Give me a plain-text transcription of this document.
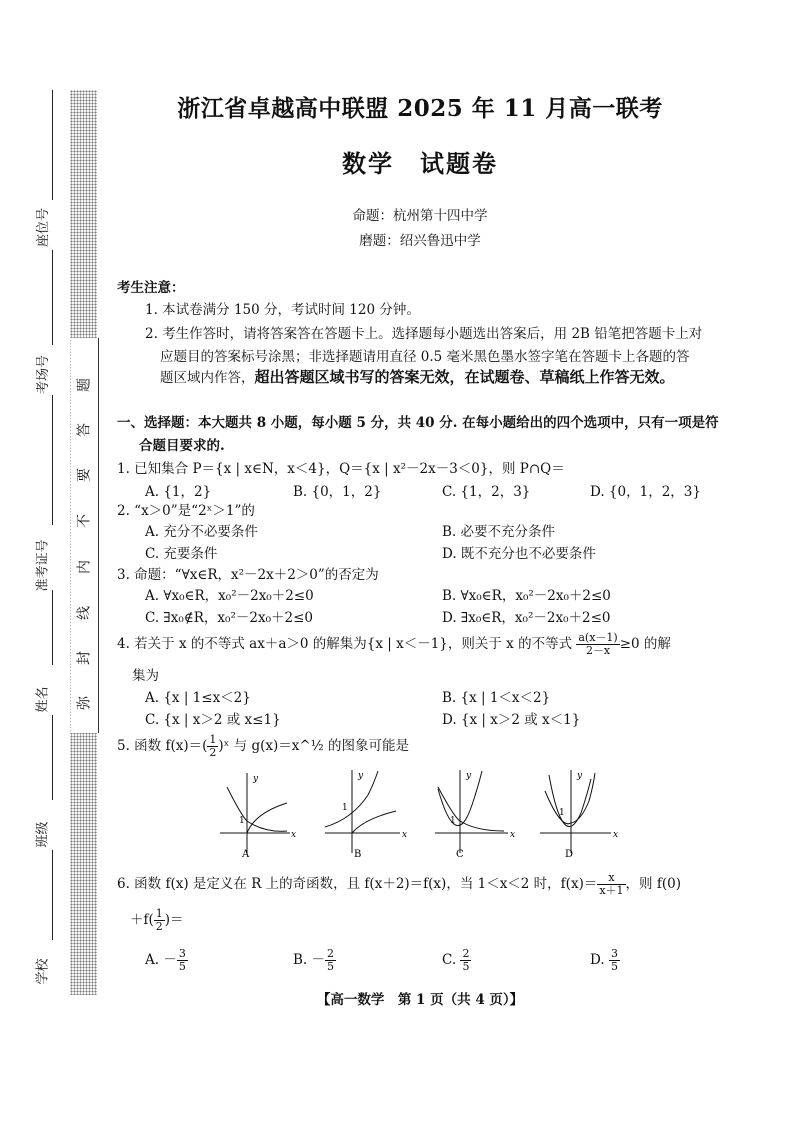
题
答
要
不
内
线
封
弥
座位号
考场号
准考证号
姓名
班级
学校
浙江省卓越高中联盟 2025 年 11 月高一联考
数学　试题卷
命题：杭州第十四中学
磨题：绍兴鲁迅中学
考生注意：
1. 本试卷满分 150 分，考试时间 120 分钟。
2. 考生作答时，请将答案答在答题卡上。选择题每小题选出答案后，用 2B 铅笔把答题卡上对
应题目的答案标号涂黑；非选择题请用直径 0.5 毫米黑色墨水签字笔在答题卡上各题的答
题区域内作答，超出答题区域书写的答案无效，在试题卷、草稿纸上作答无效。
一、选择题：本大题共 8 小题，每小题 5 分，共 40 分. 在每小题给出的四个选项中，只有一项是符
合题目要求的.
1. 已知集合 P＝{x | x∈N，x＜4}，Q＝{x | x²－2x－3＜0}，则 P∩Q＝
A. {1，2}	B. {0，1，2}	C. {1，2，3}	D. {0，1，2，3}
2. “x＞0”是“2ˣ＞1”的
A. 充分不必要条件	B. 必要不充分条件
C. 充要条件	D. 既不充分也不必要条件
3. 命题：“∀x∈R，x²－2x＋2＞0”的否定为
A. ∀x₀∈R，x₀²－2x₀＋2≤0	B. ∀x₀∈R，x₀²－2x₀＋2≤0
C. ∃x₀∉R，x₀²－2x₀＋2≤0	D. ∃x₀∈R，x₀²－2x₀＋2≤0
4. 若关于 x 的不等式 ax＋a＞0 的解集为{x | x＜－1}，则关于 x 的不等式 $\frac{a(x-1)}{2-x} \ge 0$ 的解
集为
A. {x | 1≤x＜2}	B. {x | 1＜x＜2}
C. {x | x＞2 或 x≤1}	D. {x | x＞2 或 x＜1}
5. 函数 $f(x)=( \frac{1}{2}$ )ˣ 与 g(x)＝x^½ 的图象可能是
y
x
1
A
y
x
1
B
y
x
1
C
y
x
1
D
6. 函数 f(x) 是定义在 R 上的奇函数，且 f(x＋2)＝f(x)，当 1＜x＜2 时，$f(x)= \frac{x}{x+1}$ ，则 f(0)
$+f( \frac{1}{2}$ )＝
A. － $\frac{3}{5}$	B. － $\frac{2}{5}$	C. $\frac{2}{5}$	D. $\frac{3}{5}$
【高一数学　第 1 页（共 4 页）】
